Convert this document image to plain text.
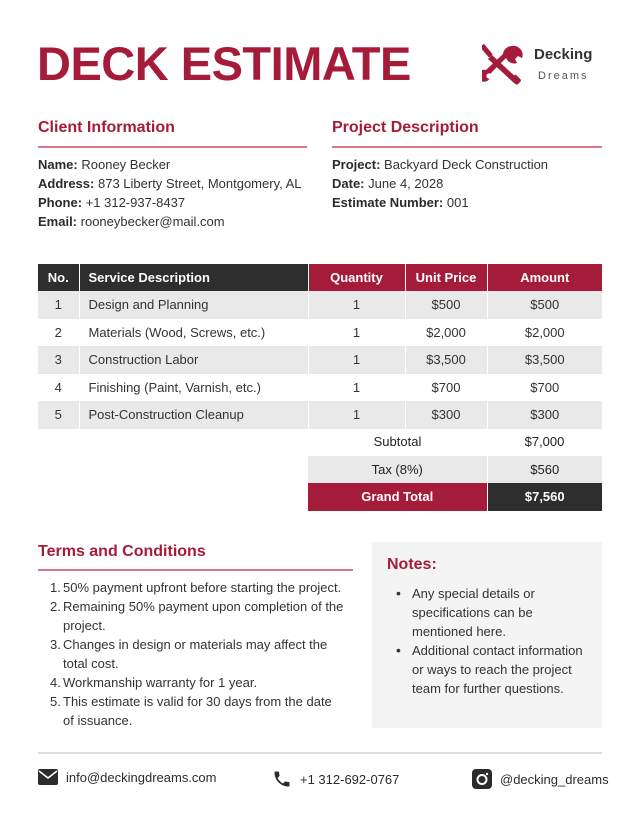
DECK ESTIMATE	Decking
Dreams
Client Information
Name: Rooney Becker
Address: 873 Liberty Street, Montgomery, AL
Phone: +1 312-937-8437
Email: rooneybecker@mail.com
Project Description
Project: Backyard Deck Construction
Date: June 4, 2028
Estimate Number: 001
No.	Service Description	Quantity	Unit Price	Amount
1	Design and Planning	1	$500	$500
2	Materials (Wood, Screws, etc.)	1	$2,000	$2,000
3	Construction Labor	1	$3,500	$3,500
4	Finishing (Paint, Varnish, etc.)	1	$700	$700
5	Post-Construction Cleanup	1	$300	$300
Subtotal	$7,000
Tax (8%)	$560
Grand Total	$7,560
Terms and Conditions
1. 50% payment upfront before starting the project.
2. Remaining 50% payment upon completion of the project.
3. Changes in design or materials may affect the total cost.
4. Workmanship warranty for 1 year.
5. This estimate is valid for 30 days from the date of issuance.
Notes:
• Any special details or specifications can be mentioned here.
• Additional contact information or ways to reach the project team for further questions.
info@deckingdreams.com	+1 312-692-0767	@decking_dreams
